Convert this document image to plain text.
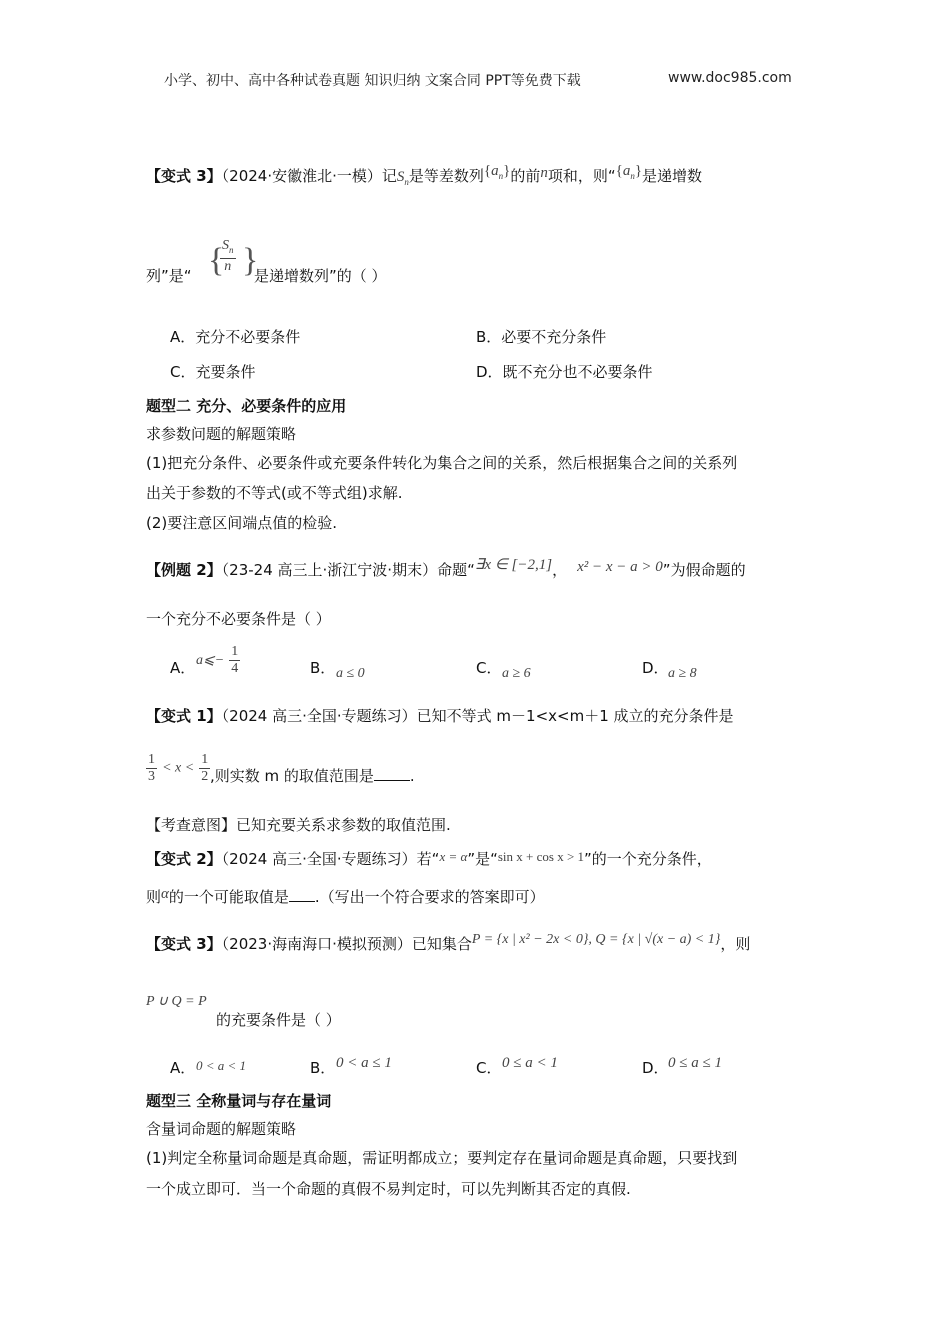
小学、初中、高中各种试卷真题 知识归纳 文案合同 PPT等免费下载	www.doc985.com
【变式 3】（2024·安徽淮北·一模）记$S_n$是等差数列$\{a_n\}$的前n项和，则“$\{a_n\}$是递增数
列”是“ {
$\frac{S_n}{n}$ }
是递增数列”的（ ）
A．充分不必要条件	B．必要不充分条件
C．充要条件	D．既不充分也不必要条件
题型二 充分、必要条件的应用
求参数问题的解题策略
(1)把充分条件、必要条件或充要条件转化为集合之间的关系，然后根据集合之间的关系列
出关于参数的不等式(或不等式组)求解.
(2)要注意区间端点值的检验.
【例题 2】（23-24 高三上·浙江宁波·期末）命题“∃x ∈ [−2,1]， x² − x − a > 0”为假命题的
一个充分不必要条件是（ ）
A． a⩽− $\frac{1}{4}$	B． a ≤ 0	C． a ≥ 6	D． a ≥ 8
【变式 1】（2024 高三·全国·专题练习）已知不等式 m－1<x<m＋1 成立的充分条件是
$\frac{1}{3} < x < \frac{1}{2}$ ,则实数 m 的取值范围是 .
【考查意图】已知充要关系求参数的取值范围.
【变式 2】（2024 高三·全国·专题练习）若“x = α”是“sin x + cos x > 1”的一个充分条件，
则α的一个可能取值是 .（写出一个符合要求的答案即可）
【变式 3】（2023·海南海口·模拟预测）已知集合P = {x | x² − 2x < 0}, Q = {x | √(x − a) < 1}，则
P ∪ Q = P
的充要条件是（ ）
A． 0 < a < 1	B． 0 < a ≤ 1	C． 0 ≤ a < 1	D． 0 ≤ a ≤ 1
题型三 全称量词与存在量词
含量词命题的解题策略
(1)判定全称量词命题是真命题，需证明都成立；要判定存在量词命题是真命题，只要找到
一个成立即可．当一个命题的真假不易判定时，可以先判断其否定的真假.
